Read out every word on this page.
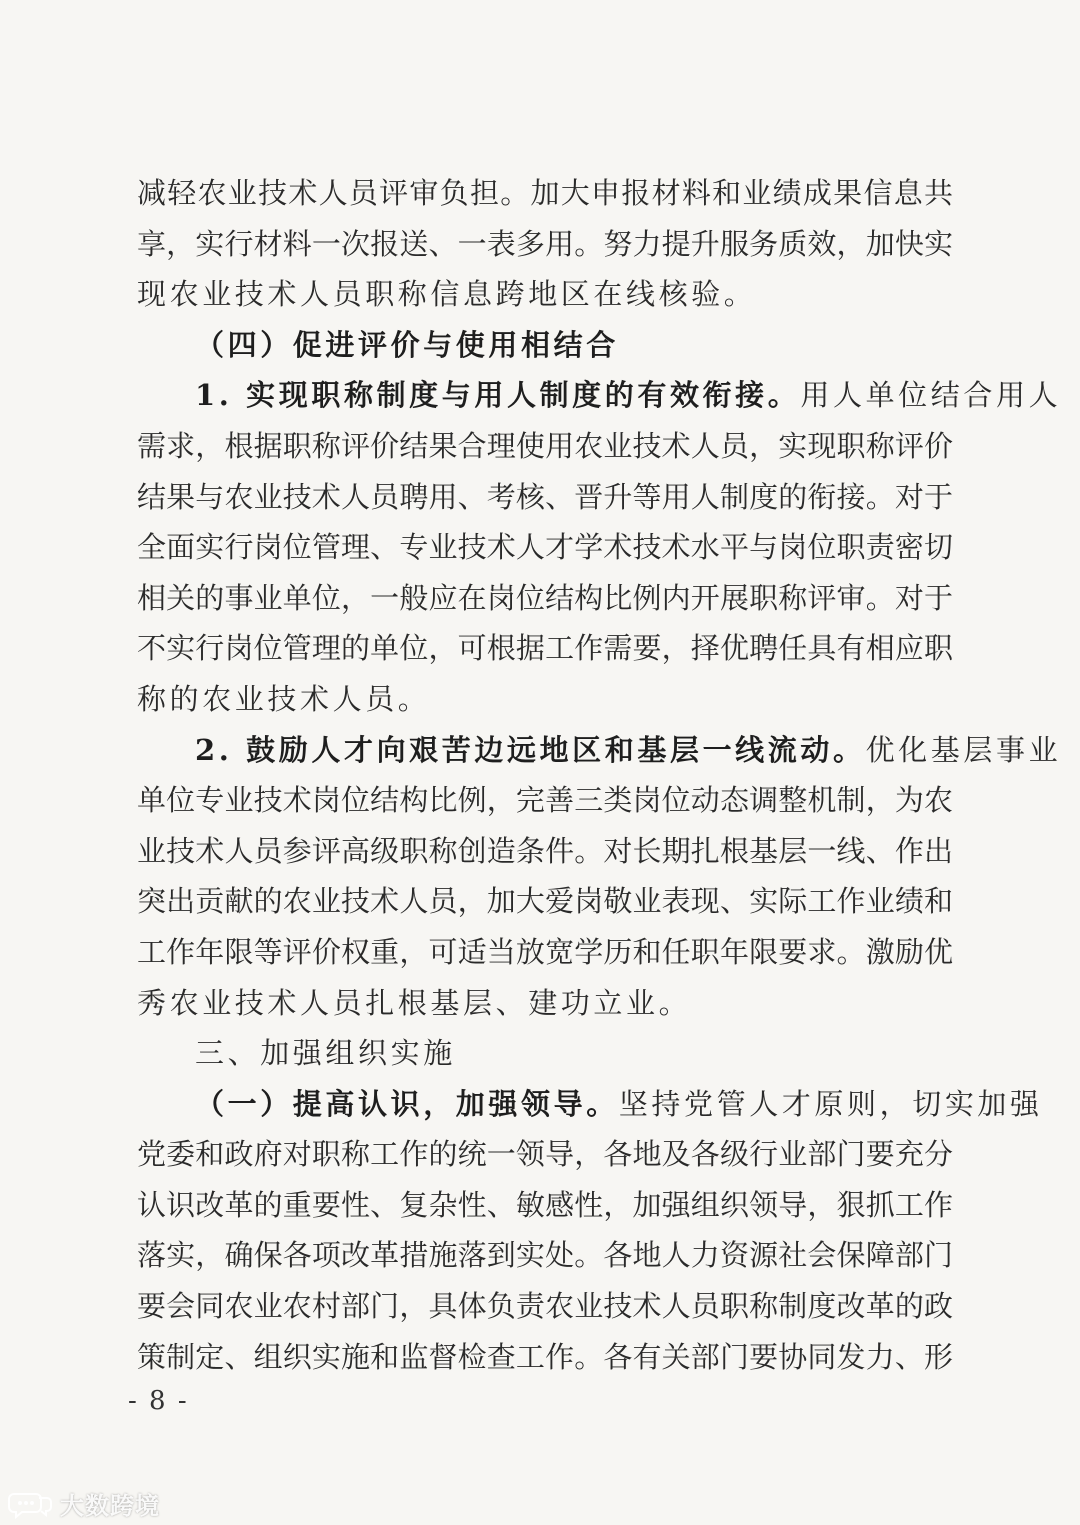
减轻农业技术人员评审负担。加大申报材料和业绩成果信息共
享，实行材料一次报送、一表多用。努力提升服务质效，加快实
现农业技术人员职称信息跨地区在线核验。
（四）促进评价与使用相结合
1. 实现职称制度与用人制度的有效衔接。用人单位结合用人
需求，根据职称评价结果合理使用农业技术人员，实现职称评价
结果与农业技术人员聘用、考核、晋升等用人制度的衔接。对于
全面实行岗位管理、专业技术人才学术技术水平与岗位职责密切
相关的事业单位，一般应在岗位结构比例内开展职称评审。对于
不实行岗位管理的单位，可根据工作需要，择优聘任具有相应职
称的农业技术人员。
2. 鼓励人才向艰苦边远地区和基层一线流动。优化基层事业
单位专业技术岗位结构比例，完善三类岗位动态调整机制，为农
业技术人员参评高级职称创造条件。对长期扎根基层一线、作出
突出贡献的农业技术人员，加大爱岗敬业表现、实际工作业绩和
工作年限等评价权重，可适当放宽学历和任职年限要求。激励优
秀农业技术人员扎根基层、建功立业。
三、加强组织实施
（一）提高认识，加强领导。坚持党管人才原则，切实加强
党委和政府对职称工作的统一领导，各地及各级行业部门要充分
认识改革的重要性、复杂性、敏感性，加强组织领导，狠抓工作
落实，确保各项改革措施落到实处。各地人力资源社会保障部门
要会同农业农村部门，具体负责农业技术人员职称制度改革的政
策制定、组织实施和监督检查工作。各有关部门要协同发力、形
- 8 -
大数跨境
